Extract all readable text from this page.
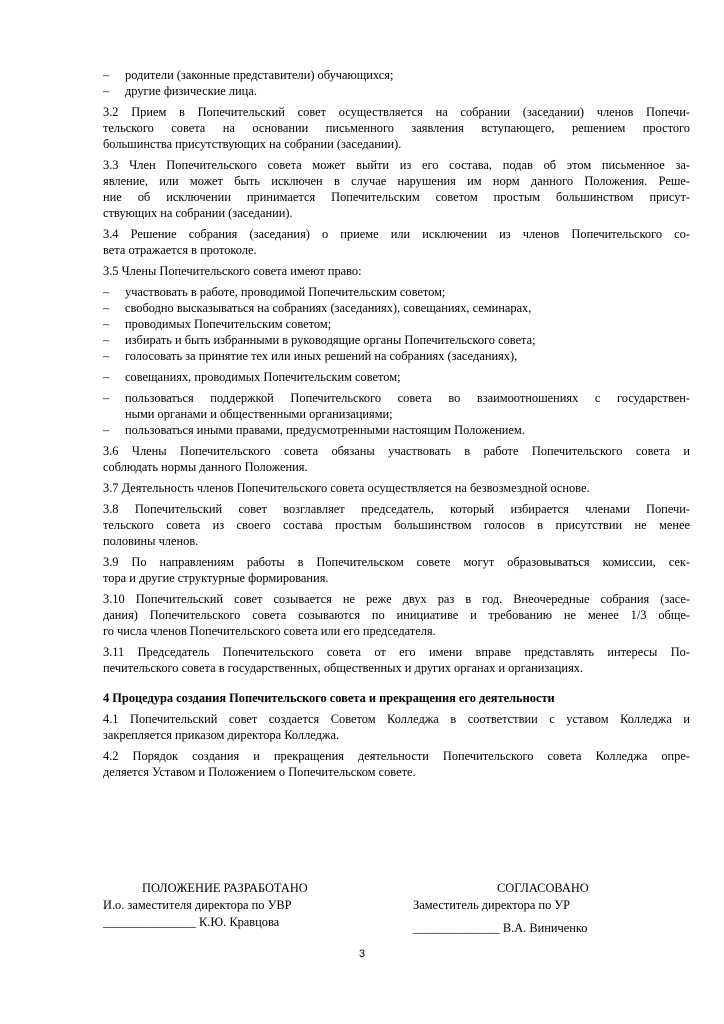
– родители (законные представители) обучающихся;
– другие физические лица.
3.2 Прием в Попечительский совет осуществляется на собрании (заседании) членов Попечи-
тельского совета на основании письменного заявления вступающего, решением простого
большинства присутствующих на собрании (заседании).
3.3 Член Попечительского совета может выйти из его состава, подав об этом письменное за-
явление, или может быть исключен в случае нарушения им норм данного Положения. Реше-
ние об исключении принимается Попечительским советом простым большинством присут-
ствующих на собрании (заседании).
3.4 Решение собрания (заседания) о приеме или исключении из членов Попечительского со-
вета отражается в протоколе.
3.5 Члены Попечительского совета имеют право:
– участвовать в работе, проводимой Попечительским советом;
– свободно высказываться на собраниях (заседаниях), совещаниях, семинарах,
– проводимых Попечительским советом;
– избирать и быть избранными в руководящие органы Попечительского совета;
– голосовать за принятие тех или иных решений на собраниях (заседаниях),
– совещаниях, проводимых Попечительским советом;
– пользоваться поддержкой Попечительского совета во взаимоотношениях с государствен-
ными органами и общественными организациями;
– пользоваться иными правами, предусмотренными настоящим Положением.
3.6 Члены Попечительского совета обязаны участвовать в работе Попечительского совета и
соблюдать нормы данного Положения.
3.7 Деятельность членов Попечительского совета осуществляется на безвозмездной основе.
3.8 Попечительский совет возглавляет председатель, который избирается членами Попечи-
тельского совета из своего состава простым большинством голосов в присутствии не менее
половины членов.
3.9 По направлениям работы в Попечительском совете могут образовываться комиссии, сек-
тора и другие структурные формирования.
3.10 Попечительский совет созывается не реже двух раз в год. Внеочередные собрания (засе-
дания) Попечительского совета созываются по инициативе и требованию не менее 1/3 обще-
го числа членов Попечительского совета или его председателя.
3.11 Председатель Попечительского совета от его имени вправе представлять интересы По-
печительского совета в государственных, общественных и других органах и организациях.
4 Процедура создания Попечительского совета и прекращения его деятельности
4.1 Попечительский совет создается Советом Колледжа в соответствии с уставом Колледжа и
закрепляется приказом директора Колледжа.
4.2 Порядок создания и прекращения деятельности Попечительского совета Колледжа опре-
деляется Уставом и Положением о Попечительском совете.
ПОЛОЖЕНИЕ РАЗРАБОТАНО
И.о. заместителя директора по УВР
_______________ К.Ю. Кравцова
СОГЛАСОВАНО
Заместитель директора по УР
______________ В.А. Виниченко
3
